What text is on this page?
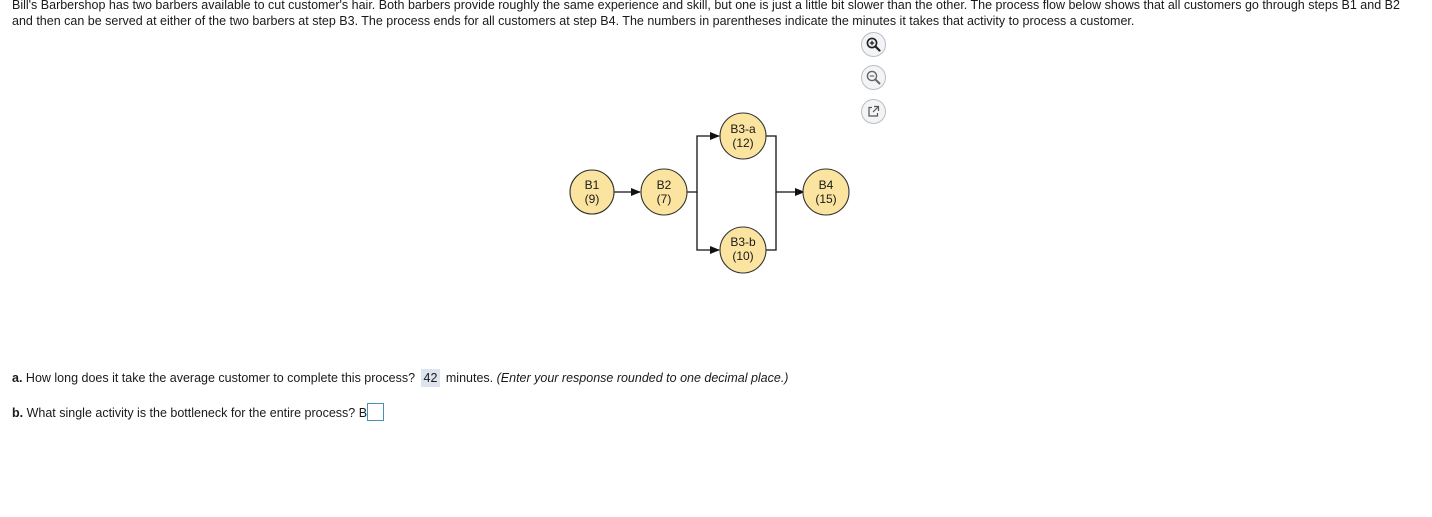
Bill's Barbershop has two barbers available to cut customer's hair. Both barbers provide roughly the same experience and skill, but one is just a little bit slower than the other. The process flow below shows that all customers go through steps B1 and B2 and then can be served at either of the two barbers at step B3. The process ends for all customers at step B4. The numbers in parentheses indicate the minutes it takes that activity to process a customer.

B1
(9)
B2
(7)
B3-a
(12)
B3-b
(10)
B4
(15)

a. How long does it take the average customer to complete this process? 42 minutes. (Enter your response rounded to one decimal place.)

b. What single activity is the bottleneck for the entire process? B
